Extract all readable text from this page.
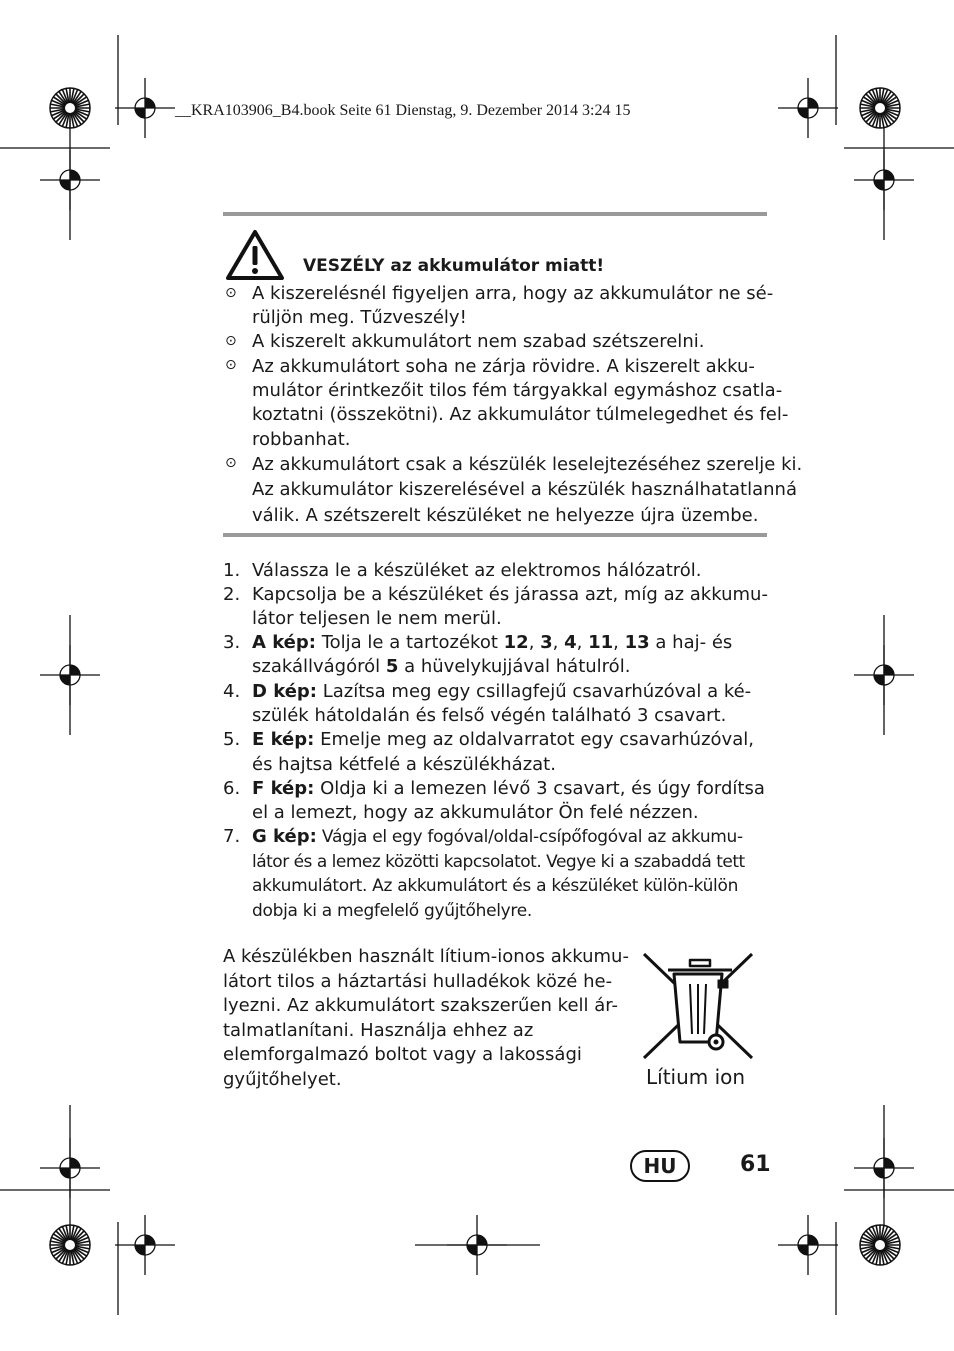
__KRA103906_B4.book Seite 61 Dienstag, 9. Dezember 2014 3:24 15
VESZÉLY az akkumulátor miatt!
⊙
⊙
⊙
⊙
A kiszerelésnél figyeljen arra, hogy az akkumulátor ne sé-
rüljön meg. Tűzveszély!
A kiszerelt akkumulátort nem szabad szétszerelni.
Az akkumulátort soha ne zárja rövidre. A kiszerelt akku-
mulátor érintkezőit tilos fém tárgyakkal egymáshoz csatla-
koztatni (összekötni). Az akkumulátor túlmelegedhet és fel-
robbanhat.
Az akkumulátort csak a készülék leselejtezéséhez szerelje ki.
Az akkumulátor kiszerelésével a készülék használhatatlanná
válik. A szétszerelt készüléket ne helyezze újra üzembe.
1.
2.
3.
4.
5.
6.
7.
Válassza le a készüléket az elektromos hálózatról.
Kapcsolja be a készüléket és járassa azt, míg az akkumu-
látor teljesen le nem merül.
A kép: Tolja le a tartozékot 12, 3, 4, 11, 13 a haj- és
szakállvágóról 5 a hüvelykujjával hátulról.
D kép: Lazítsa meg egy csillagfejű csavarhúzóval a ké-
szülék hátoldalán és felső végén található 3 csavart.
E kép: Emelje meg az oldalvarratot egy csavarhúzóval,
és hajtsa kétfelé a készülékházat.
F kép: Oldja ki a lemezen lévő 3 csavart, és úgy fordítsa
el a lemezt, hogy az akkumulátor Ön felé nézzen.
G kép: Vágja el egy fogóval/oldal-csípőfogóval az akkumu-
látor és a lemez közötti kapcsolatot. Vegye ki a szabaddá tett
akkumulátort. Az akkumulátort és a készüléket külön-külön
dobja ki a megfelelő gyűjtőhelyre.
A készülékben használt lítium-ionos akkumu-
látort tilos a háztartási hulladékok közé he-
lyezni. Az akkumulátort szakszerűen kell ár-
talmatlanítani. Használja ehhez az
elemforgalmazó boltot vagy a lakossági
gyűjtőhelyet.	Lítium ion
HU	61
